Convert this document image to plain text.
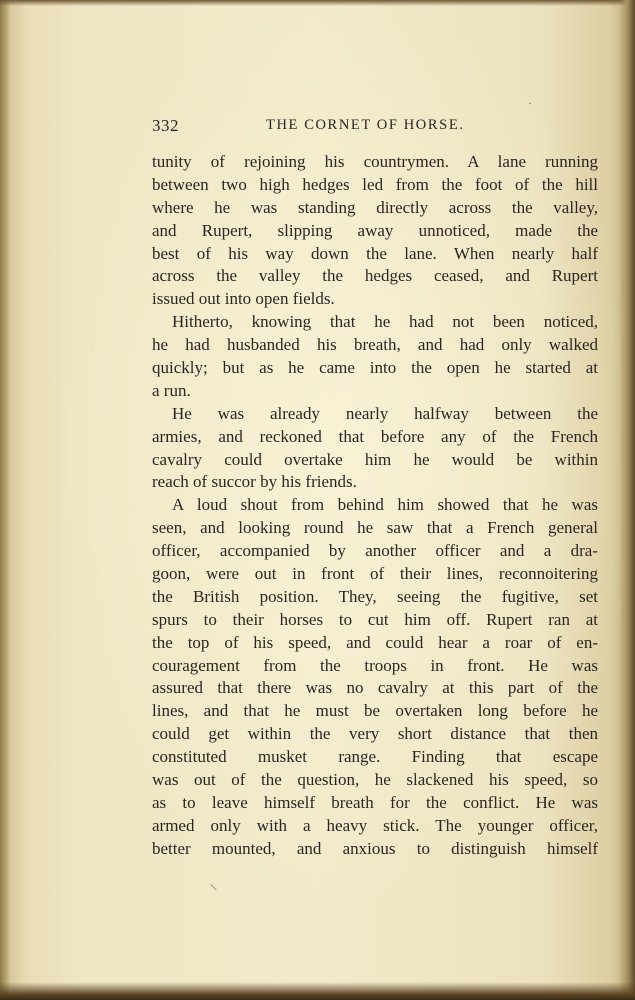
332	THE CORNET OF HORSE.
tunity of rejoining his countrymen. A lane running
between two high hedges led from the foot of the hill
where he was standing directly across the valley,
and Rupert, slipping away unnoticed, made the
best of his way down the lane. When nearly half
across the valley the hedges ceased, and Rupert
issued out into open fields.
Hitherto, knowing that he had not been noticed,
he had husbanded his breath, and had only walked
quickly; but as he came into the open he started at
a run.
He was already nearly halfway between the
armies, and reckoned that before any of the French
cavalry could overtake him he would be within
reach of succor by his friends.
A loud shout from behind him showed that he was
seen, and looking round he saw that a French general
officer, accompanied by another officer and a dra-
goon, were out in front of their lines, reconnoitering
the British position. They, seeing the fugitive, set
spurs to their horses to cut him off. Rupert ran at
the top of his speed, and could hear a roar of en-
couragement from the troops in front. He was
assured that there was no cavalry at this part of the
lines, and that he must be overtaken long before he
could get within the very short distance that then
constituted musket range. Finding that escape
was out of the question, he slackened his speed, so
as to leave himself breath for the conflict. He was
armed only with a heavy stick. The younger officer,
better mounted, and anxious to distinguish himself
·
\
